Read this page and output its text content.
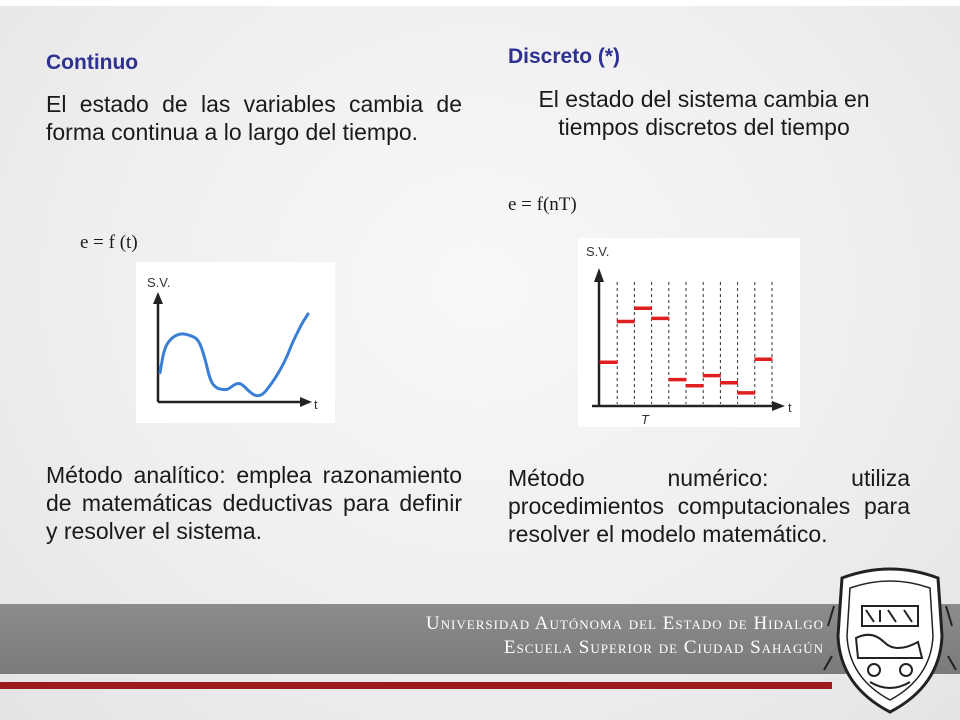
Continuo

El estado de las variables cambia de forma continua a lo largo del tiempo.

e = f (t)

S.V.
t

Método analítico: emplea razonamiento de matemáticas deductivas para definir y resolver el sistema.

Discreto (*)

El estado del sistema cambia en tiempos discretos del tiempo

e = f(nT)

S.V.
t
T

Método numérico: utiliza procedimientos computacionales para resolver el modelo matemático.

Universidad Autónoma del Estado de Hidalgo
Escuela Superior de Ciudad Sahagún
